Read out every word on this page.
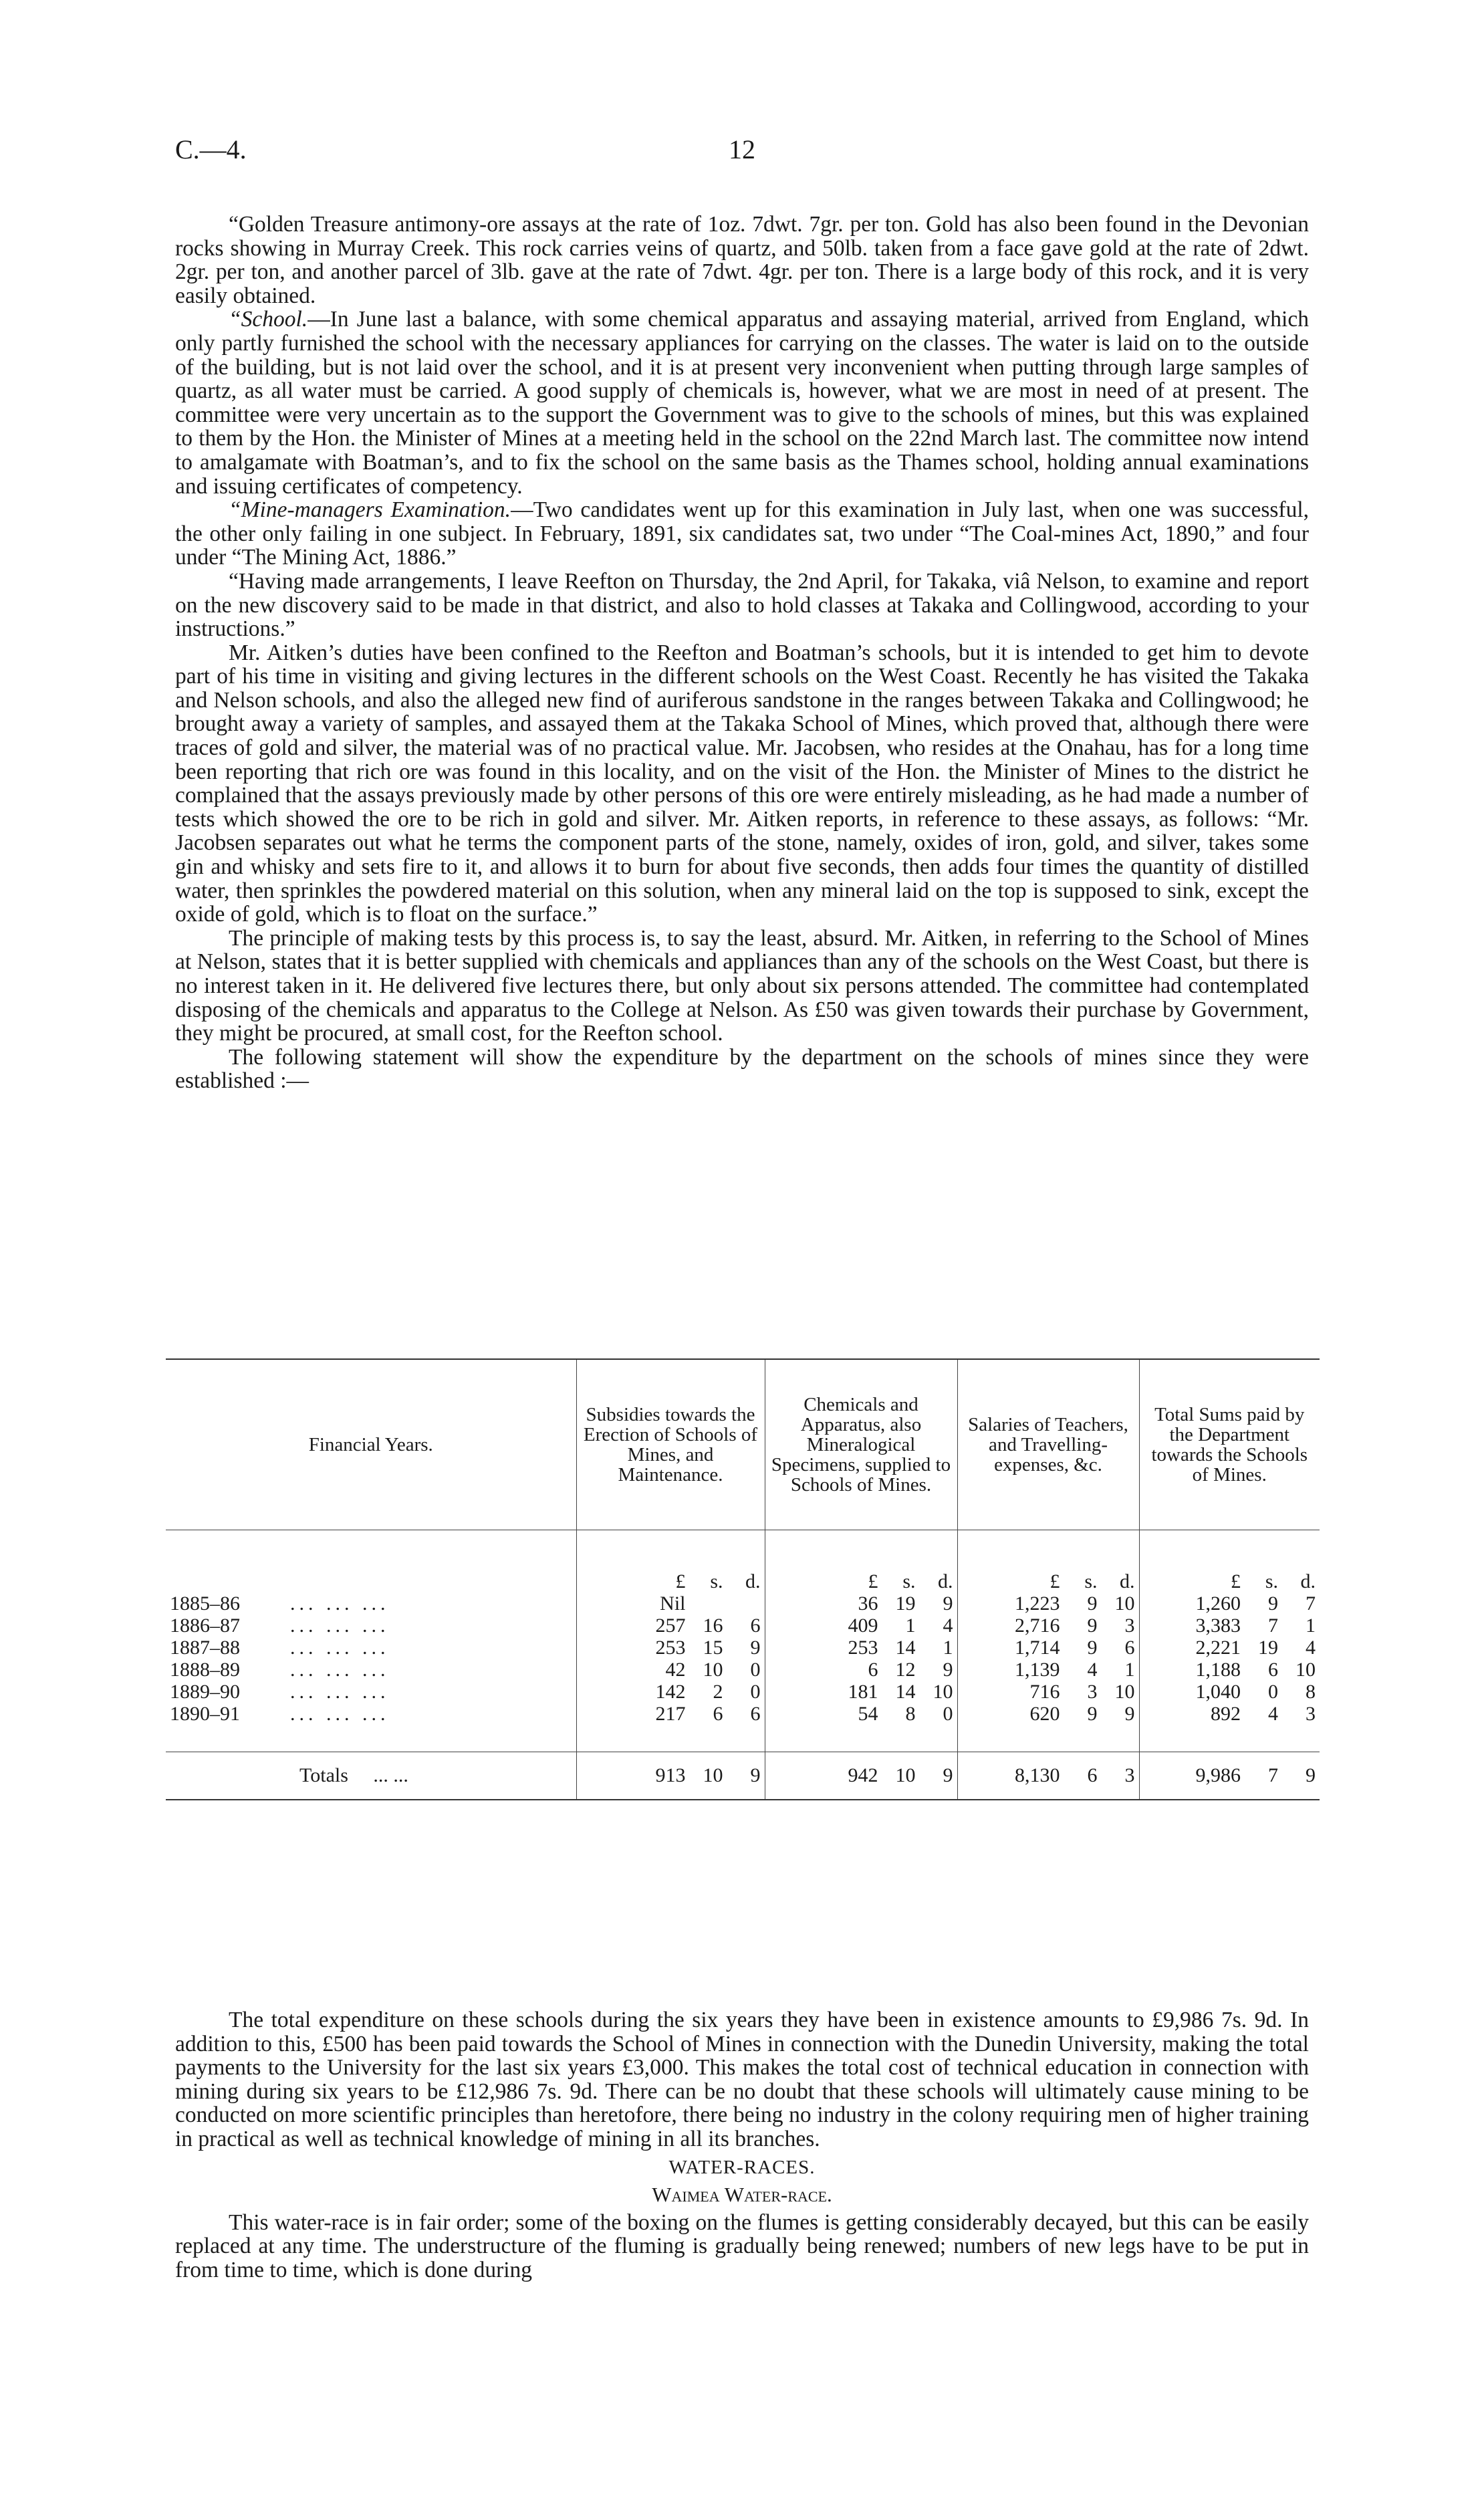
C.—4.	12

“Golden Treasure antimony-ore assays at the rate of 1oz. 7dwt. 7gr. per ton. Gold has also been found in the Devonian rocks showing in Murray Creek. This rock carries veins of quartz, and 50lb. taken from a face gave gold at the rate of 2dwt. 2gr. per ton, and another parcel of 3lb. gave at the rate of 7dwt. 4gr. per ton. There is a large body of this rock, and it is very easily obtained.

“School.—In June last a balance, with some chemical apparatus and assaying material, arrived from England, which only partly furnished the school with the necessary appliances for carrying on the classes. The water is laid on to the outside of the building, but is not laid over the school, and it is at present very inconvenient when putting through large samples of quartz, as all water must be carried. A good supply of chemicals is, however, what we are most in need of at present. The committee were very uncertain as to the support the Government was to give to the schools of mines, but this was explained to them by the Hon. the Minister of Mines at a meeting held in the school on the 22nd March last. The committee now intend to amalgamate with Boatman’s, and to fix the school on the same basis as the Thames school, holding annual examinations and issuing certificates of competency.

“Mine-managers Examination.—Two candidates went up for this examination in July last, when one was successful, the other only failing in one subject. In February, 1891, six candidates sat, two under “The Coal-mines Act, 1890,” and four under “The Mining Act, 1886.”

“Having made arrangements, I leave Reefton on Thursday, the 2nd April, for Takaka, viâ Nelson, to examine and report on the new discovery said to be made in that district, and also to hold classes at Takaka and Collingwood, according to your instructions.”

Mr. Aitken’s duties have been confined to the Reefton and Boatman’s schools, but it is intended to get him to devote part of his time in visiting and giving lectures in the different schools on the West Coast. Recently he has visited the Takaka and Nelson schools, and also the alleged new find of auriferous sandstone in the ranges between Takaka and Collingwood; he brought away a variety of samples, and assayed them at the Takaka School of Mines, which proved that, although there were traces of gold and silver, the material was of no practical value. Mr. Jacobsen, who resides at the Onahau, has for a long time been reporting that rich ore was found in this locality, and on the visit of the Hon. the Minister of Mines to the district he complained that the assays previously made by other persons of this ore were entirely misleading, as he had made a number of tests which showed the ore to be rich in gold and silver. Mr. Aitken reports, in reference to these assays, as follows: “Mr. Jacobsen separates out what he terms the component parts of the stone, namely, oxides of iron, gold, and silver, takes some gin and whisky and sets fire to it, and allows it to burn for about five seconds, then adds four times the quantity of distilled water, then sprinkles the powdered material on this solution, when any mineral laid on the top is supposed to sink, except the oxide of gold, which is to float on the surface.”

The principle of making tests by this process is, to say the least, absurd. Mr. Aitken, in referring to the School of Mines at Nelson, states that it is better supplied with chemicals and appliances than any of the schools on the West Coast, but there is no interest taken in it. He delivered five lectures there, but only about six persons attended. The committee had contemplated disposing of the chemicals and apparatus to the College at Nelson. As £50 was given towards their purchase by Government, they might be procured, at small cost, for the Reefton school.

The following statement will show the expenditure by the department on the schools of mines since they were established :—

Financial Years.	Subsidies towards the Erection of Schools of Mines, and Maintenance.	Chemicals and Apparatus, also Mineralogical Specimens, supplied to Schools of Mines.	Salaries of Teachers, and Travelling-expenses, &c.	Total Sums paid by the Department towards the Schools of Mines.

	£ s. d.	£ s. d.	£ s. d.	£ s. d.

1885–86 ... ... ...	Nil	36 19 9	1,223 9 10	1,260 9 7

1886–87 ... ... ...	257 16 6	409 1 4	2,716 9 3	3,383 7 1

1887–88 ... ... ...	253 15 9	253 14 1	1,714 9 6	2,221 19 4

1888–89 ... ... ...	42 10 0	6 12 9	1,139 4 1	1,188 6 10

1889–90 ... ... ...	142 2 0	181 14 10	716 3 10	1,040 0 8

1890–91 ... ... ...	217 6 6	54 8 0	620 9 9	892 4 3

Totals ... ...	913 10 9	942 10 9	8,130 6 3	9,986 7 9

The total expenditure on these schools during the six years they have been in existence amounts to £9,986 7s. 9d. In addition to this, £500 has been paid towards the School of Mines in connection with the Dunedin University, making the total payments to the University for the last six years £3,000. This makes the total cost of technical education in connection with mining during six years to be £12,986 7s. 9d. There can be no doubt that these schools will ultimately cause mining to be conducted on more scientific principles than heretofore, there being no industry in the colony requiring men of higher training in practical as well as technical knowledge of mining in all its branches.

WATER-RACES.
Waimea Water-race.

This water-race is in fair order; some of the boxing on the flumes is getting considerably decayed, but this can be easily replaced at any time. The understructure of the fluming is gradually being renewed; numbers of new legs have to be put in from time to time, which is done during
